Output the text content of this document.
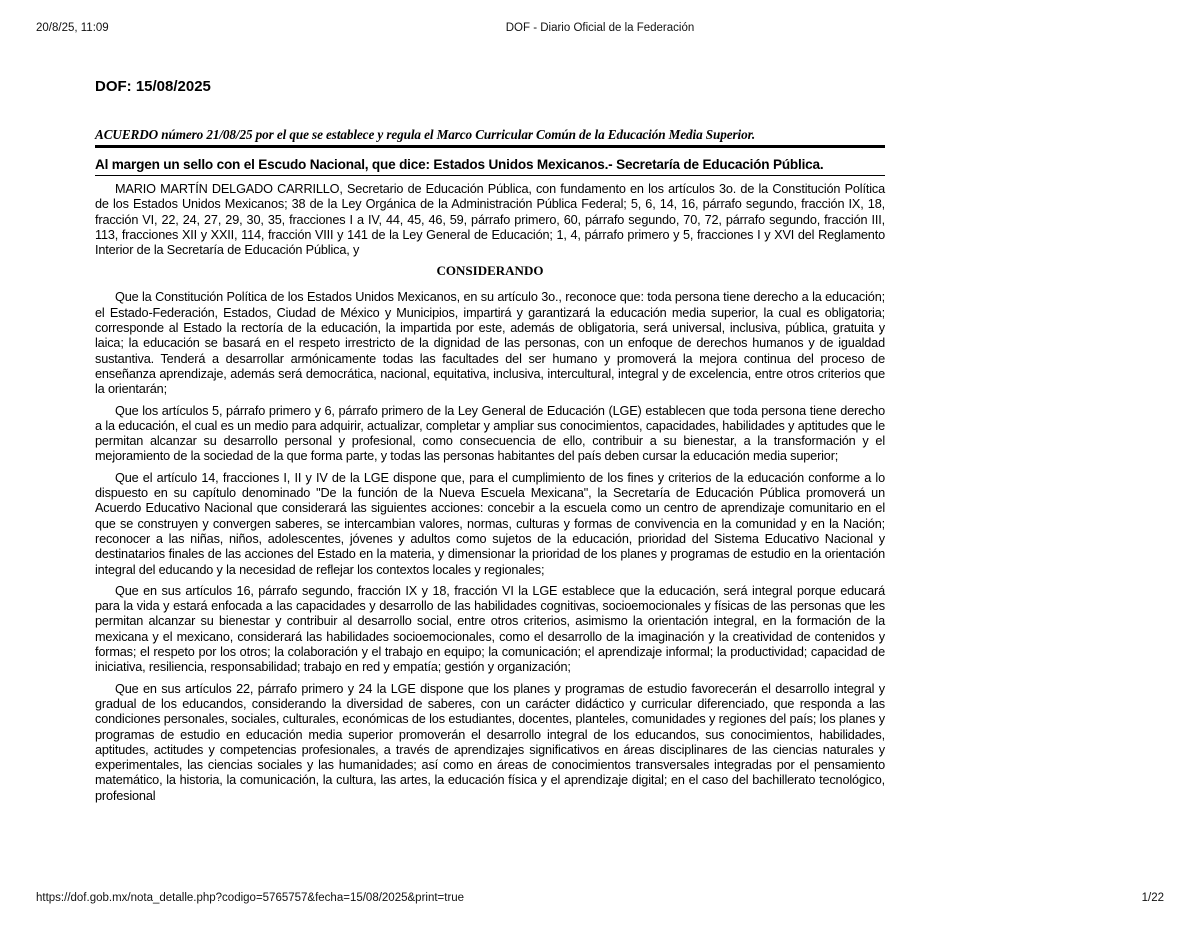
20/8/25, 11:09	DOF - Diario Oficial de la Federación
DOF: 15/08/2025
ACUERDO número 21/08/25 por el que se establece y regula el Marco Curricular Común de la Educación Media Superior.
Al margen un sello con el Escudo Nacional, que dice: Estados Unidos Mexicanos.- Secretaría de Educación Pública.

MARIO MARTÍN DELGADO CARRILLO, Secretario de Educación Pública, con fundamento en los artículos 3o. de la Constitución Política de los Estados Unidos Mexicanos; 38 de la Ley Orgánica de la Administración Pública Federal; 5, 6, 14, 16, párrafo segundo, fracción IX, 18, fracción VI, 22, 24, 27, 29, 30, 35, fracciones I a IV, 44, 45, 46, 59, párrafo primero, 60, párrafo segundo, 70, 72, párrafo segundo, fracción III, 113, fracciones XII y XXII, 114, fracción VIII y 141 de la Ley General de Educación; 1, 4, párrafo primero y 5, fracciones I y XVI del Reglamento Interior de la Secretaría de Educación Pública, y

CONSIDERANDO

Que la Constitución Política de los Estados Unidos Mexicanos, en su artículo 3o., reconoce que: toda persona tiene derecho a la educación; el Estado-Federación, Estados, Ciudad de México y Municipios, impartirá y garantizará la educación media superior, la cual es obligatoria; corresponde al Estado la rectoría de la educación, la impartida por este, además de obligatoria, será universal, inclusiva, pública, gratuita y laica; la educación se basará en el respeto irrestricto de la dignidad de las personas, con un enfoque de derechos humanos y de igualdad sustantiva. Tenderá a desarrollar armónicamente todas las facultades del ser humano y promoverá la mejora continua del proceso de enseñanza aprendizaje, además será democrática, nacional, equitativa, inclusiva, intercultural, integral y de excelencia, entre otros criterios que la orientarán;

Que los artículos 5, párrafo primero y 6, párrafo primero de la Ley General de Educación (LGE) establecen que toda persona tiene derecho a la educación, el cual es un medio para adquirir, actualizar, completar y ampliar sus conocimientos, capacidades, habilidades y aptitudes que le permitan alcanzar su desarrollo personal y profesional, como consecuencia de ello, contribuir a su bienestar, a la transformación y el mejoramiento de la sociedad de la que forma parte, y todas las personas habitantes del país deben cursar la educación media superior;

Que el artículo 14, fracciones I, II y IV de la LGE dispone que, para el cumplimiento de los fines y criterios de la educación conforme a lo dispuesto en su capítulo denominado "De la función de la Nueva Escuela Mexicana", la Secretaría de Educación Pública promoverá un Acuerdo Educativo Nacional que considerará las siguientes acciones: concebir a la escuela como un centro de aprendizaje comunitario en el que se construyen y convergen saberes, se intercambian valores, normas, culturas y formas de convivencia en la comunidad y en la Nación; reconocer a las niñas, niños, adolescentes, jóvenes y adultos como sujetos de la educación, prioridad del Sistema Educativo Nacional y destinatarios finales de las acciones del Estado en la materia, y dimensionar la prioridad de los planes y programas de estudio en la orientación integral del educando y la necesidad de reflejar los contextos locales y regionales;

Que en sus artículos 16, párrafo segundo, fracción IX y 18, fracción VI la LGE establece que la educación, será integral porque educará para la vida y estará enfocada a las capacidades y desarrollo de las habilidades cognitivas, socioemocionales y físicas de las personas que les permitan alcanzar su bienestar y contribuir al desarrollo social, entre otros criterios, asimismo la orientación integral, en la formación de la mexicana y el mexicano, considerará las habilidades socioemocionales, como el desarrollo de la imaginación y la creatividad de contenidos y formas; el respeto por los otros; la colaboración y el trabajo en equipo; la comunicación; el aprendizaje informal; la productividad; capacidad de iniciativa, resiliencia, responsabilidad; trabajo en red y empatía; gestión y organización;

Que en sus artículos 22, párrafo primero y 24 la LGE dispone que los planes y programas de estudio favorecerán el desarrollo integral y gradual de los educandos, considerando la diversidad de saberes, con un carácter didáctico y curricular diferenciado, que responda a las condiciones personales, sociales, culturales, económicas de los estudiantes, docentes, planteles, comunidades y regiones del país; los planes y programas de estudio en educación media superior promoverán el desarrollo integral de los educandos, sus conocimientos, habilidades, aptitudes, actitudes y competencias profesionales, a través de aprendizajes significativos en áreas disciplinares de las ciencias naturales y experimentales, las ciencias sociales y las humanidades; así como en áreas de conocimientos transversales integradas por el pensamiento matemático, la historia, la comunicación, la cultura, las artes, la educación física y el aprendizaje digital; en el caso del bachillerato tecnológico, profesional

https://dof.gob.mx/nota_detalle.php?codigo=5765757&fecha=15/08/2025&print=true	1/22
